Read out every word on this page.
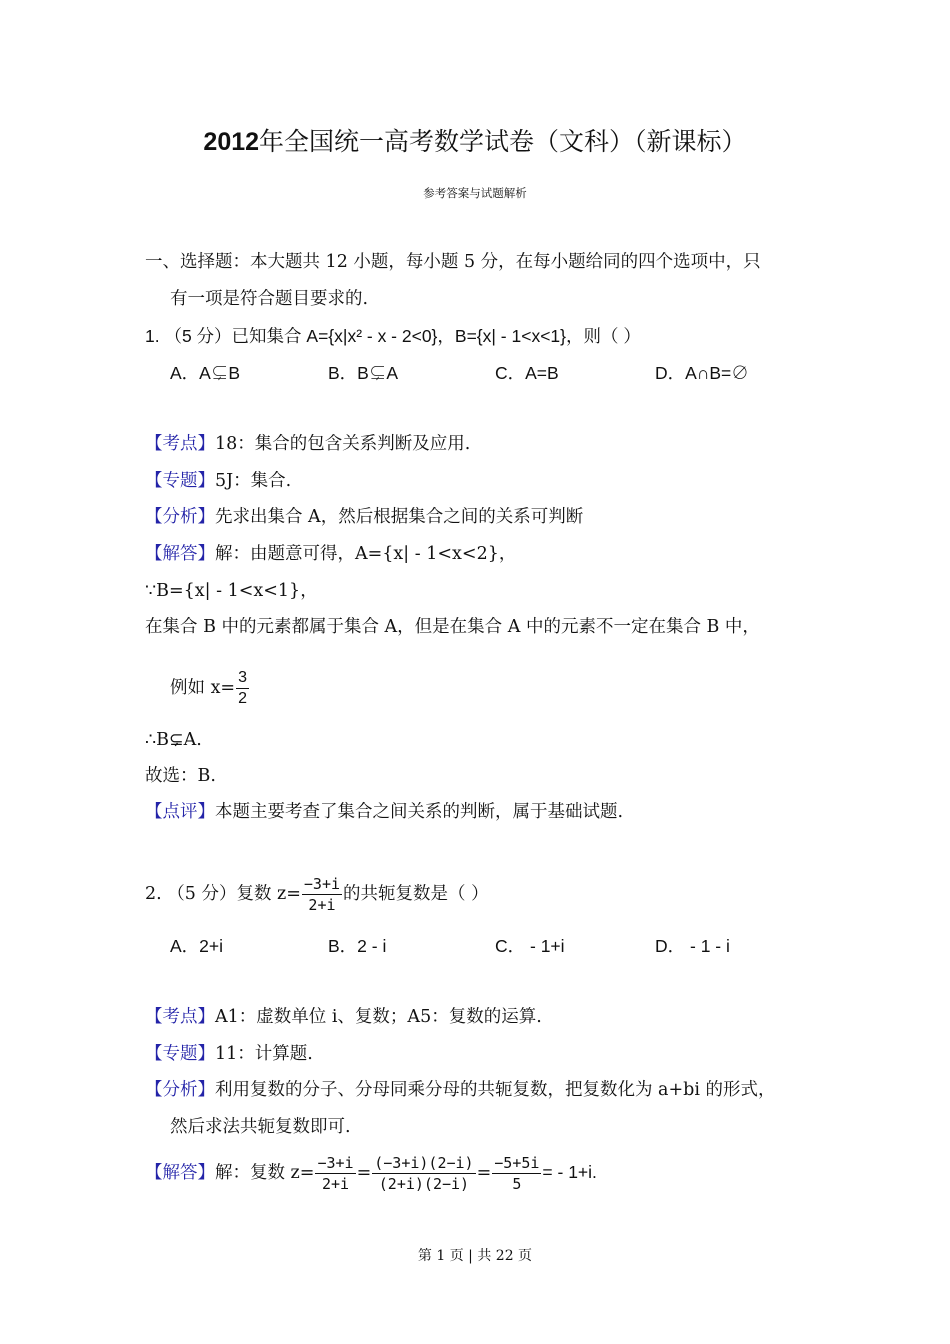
2012年全国统一高考数学试卷（文科）（新课标）
参考答案与试题解析
一、选择题：本大题共 12 小题，每小题 5 分，在每小题给同的四个选项中，只
有一项是符合题目要求的.
1. （5 分）已知集合 A={x|x² - x - 2<0}，B={x| - 1<x<1}，则（ ）
A．A⊊B	B．B⊊A	C．A=B	D．A∩B=∅
【考点】18：集合的包含关系判断及应用.
【专题】5J：集合.
【分析】先求出集合 A，然后根据集合之间的关系可判断
【解答】解：由题意可得，A={x| - 1<x<2}，
∵B={x| - 1<x<1}，
在集合 B 中的元素都属于集合 A，但是在集合 A 中的元素不一定在集合 B 中，
例如 $x= \frac{3}{2}$
∴B⊊A.
故选：B.
【点评】本题主要考查了集合之间关系的判断，属于基础试题.
2. （5 分）复数 $z= \frac{-3+i}{2+i}$ 的共轭复数是（ ）
A．2+i	B．2 - i	C． - 1+i	D． - 1 - i
【考点】A1：虚数单位 i、复数；A5：复数的运算.
【专题】11：计算题.
【分析】利用复数的分子、分母同乘分母的共轭复数，把复数化为 a+bi 的形式，
然后求法共轭复数即可.
【解答】解：复数 $z= \frac{-3+i}{2+i} = \frac{(-3+i)(2-i)}{(2+i)(2-i)} = \frac{-5+5i}{5}$ = - 1+i.
第 1 页 | 共 22 页
